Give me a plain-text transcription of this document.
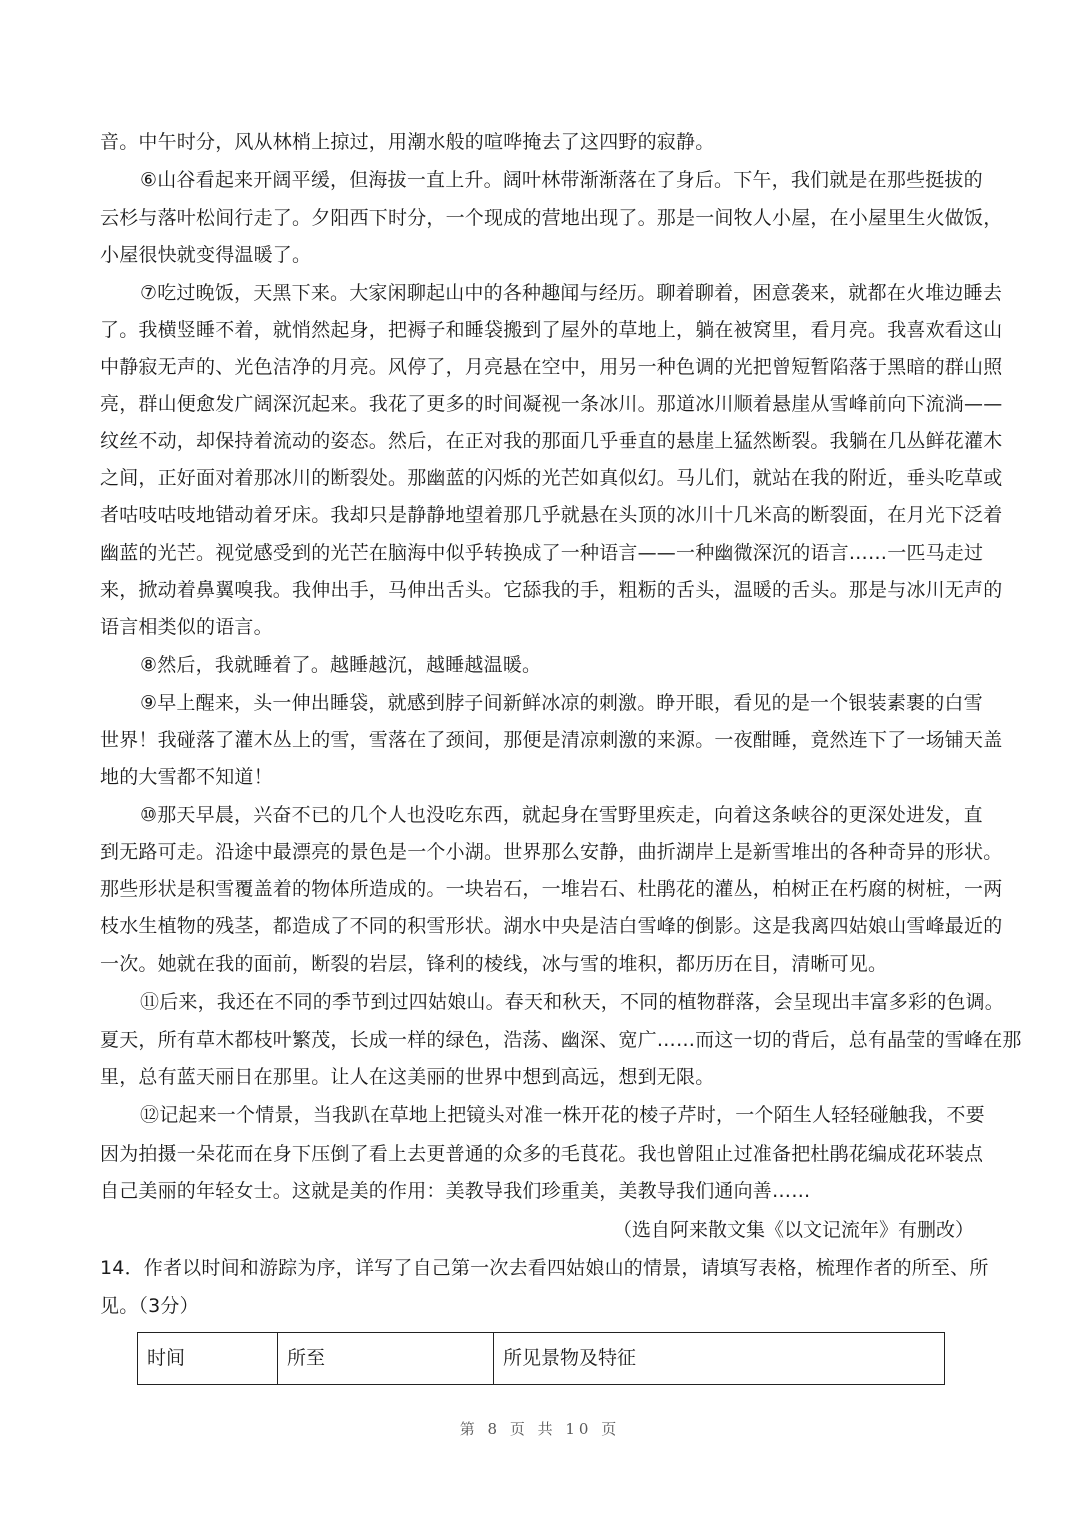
音。中午时分，风从林梢上掠过，用潮水般的喧哗掩去了这四野的寂静。
⑥山谷看起来开阔平缓，但海拔一直上升。阔叶林带渐渐落在了身后。下午，我们就是在那些挺拔的
云杉与落叶松间行走了。夕阳西下时分，一个现成的营地出现了。那是一间牧人小屋，在小屋里生火做饭，
小屋很快就变得温暖了。
⑦吃过晚饭，天黑下来。大家闲聊起山中的各种趣闻与经历。聊着聊着，困意袭来，就都在火堆边睡去
了。我横竖睡不着，就悄然起身，把褥子和睡袋搬到了屋外的草地上，躺在被窝里，看月亮。我喜欢看这山
中静寂无声的、光色洁净的月亮。风停了，月亮悬在空中，用另一种色调的光把曾短暂陷落于黑暗的群山照
亮，群山便愈发广阔深沉起来。我花了更多的时间凝视一条冰川。那道冰川顺着悬崖从雪峰前向下流淌——
纹丝不动，却保持着流动的姿态。然后，在正对我的那面几乎垂直的悬崖上猛然断裂。我躺在几丛鲜花灌木
之间，正好面对着那冰川的断裂处。那幽蓝的闪烁的光芒如真似幻。马儿们，就站在我的附近，垂头吃草或
者咕吱咕吱地错动着牙床。我却只是静静地望着那几乎就悬在头顶的冰川十几米高的断裂面，在月光下泛着
幽蓝的光芒。视觉感受到的光芒在脑海中似乎转换成了一种语言——一种幽微深沉的语言……一匹马走过
来，掀动着鼻翼嗅我。我伸出手，马伸出舌头。它舔我的手，粗粝的舌头，温暖的舌头。那是与冰川无声的
语言相类似的语言。
⑧然后，我就睡着了。越睡越沉，越睡越温暖。
⑨早上醒来，头一伸出睡袋，就感到脖子间新鲜冰凉的刺激。睁开眼，看见的是一个银装素裹的白雪
世界！我碰落了灌木丛上的雪，雪落在了颈间，那便是清凉刺激的来源。一夜酣睡，竟然连下了一场铺天盖
地的大雪都不知道！
⑩那天早晨，兴奋不已的几个人也没吃东西，就起身在雪野里疾走，向着这条峡谷的更深处进发，直
到无路可走。沿途中最漂亮的景色是一个小湖。世界那么安静，曲折湖岸上是新雪堆出的各种奇异的形状。
那些形状是积雪覆盖着的物体所造成的。一块岩石，一堆岩石、杜鹃花的灌丛，柏树正在朽腐的树桩，一两
枝水生植物的残茎，都造成了不同的积雪形状。湖水中央是洁白雪峰的倒影。这是我离四姑娘山雪峰最近的
一次。她就在我的面前，断裂的岩层，锋利的棱线，冰与雪的堆积，都历历在目，清晰可见。
⑪后来，我还在不同的季节到过四姑娘山。春天和秋天，不同的植物群落，会呈现出丰富多彩的色调。
夏天，所有草木都枝叶繁茂，长成一样的绿色，浩荡、幽深、宽广……而这一切的背后，总有晶莹的雪峰在那
里，总有蓝天丽日在那里。让人在这美丽的世界中想到高远，想到无限。
⑫记起来一个情景，当我趴在草地上把镜头对准一株开花的棱子芹时，一个陌生人轻轻碰触我，不要
因为拍摄一朵花而在身下压倒了看上去更普通的众多的毛茛花。我也曾阻止过准备把杜鹃花编成花环装点
自己美丽的年轻女士。这就是美的作用：美教导我们珍重美，美教导我们通向善……
（选自阿来散文集《以文记流年》有删改）
14．作者以时间和游踪为序，详写了自己第一次去看四姑娘山的情景，请填写表格，梳理作者的所至、所
见。（3分）
时间	所至	所见景物及特征
第 8 页 共 10 页
